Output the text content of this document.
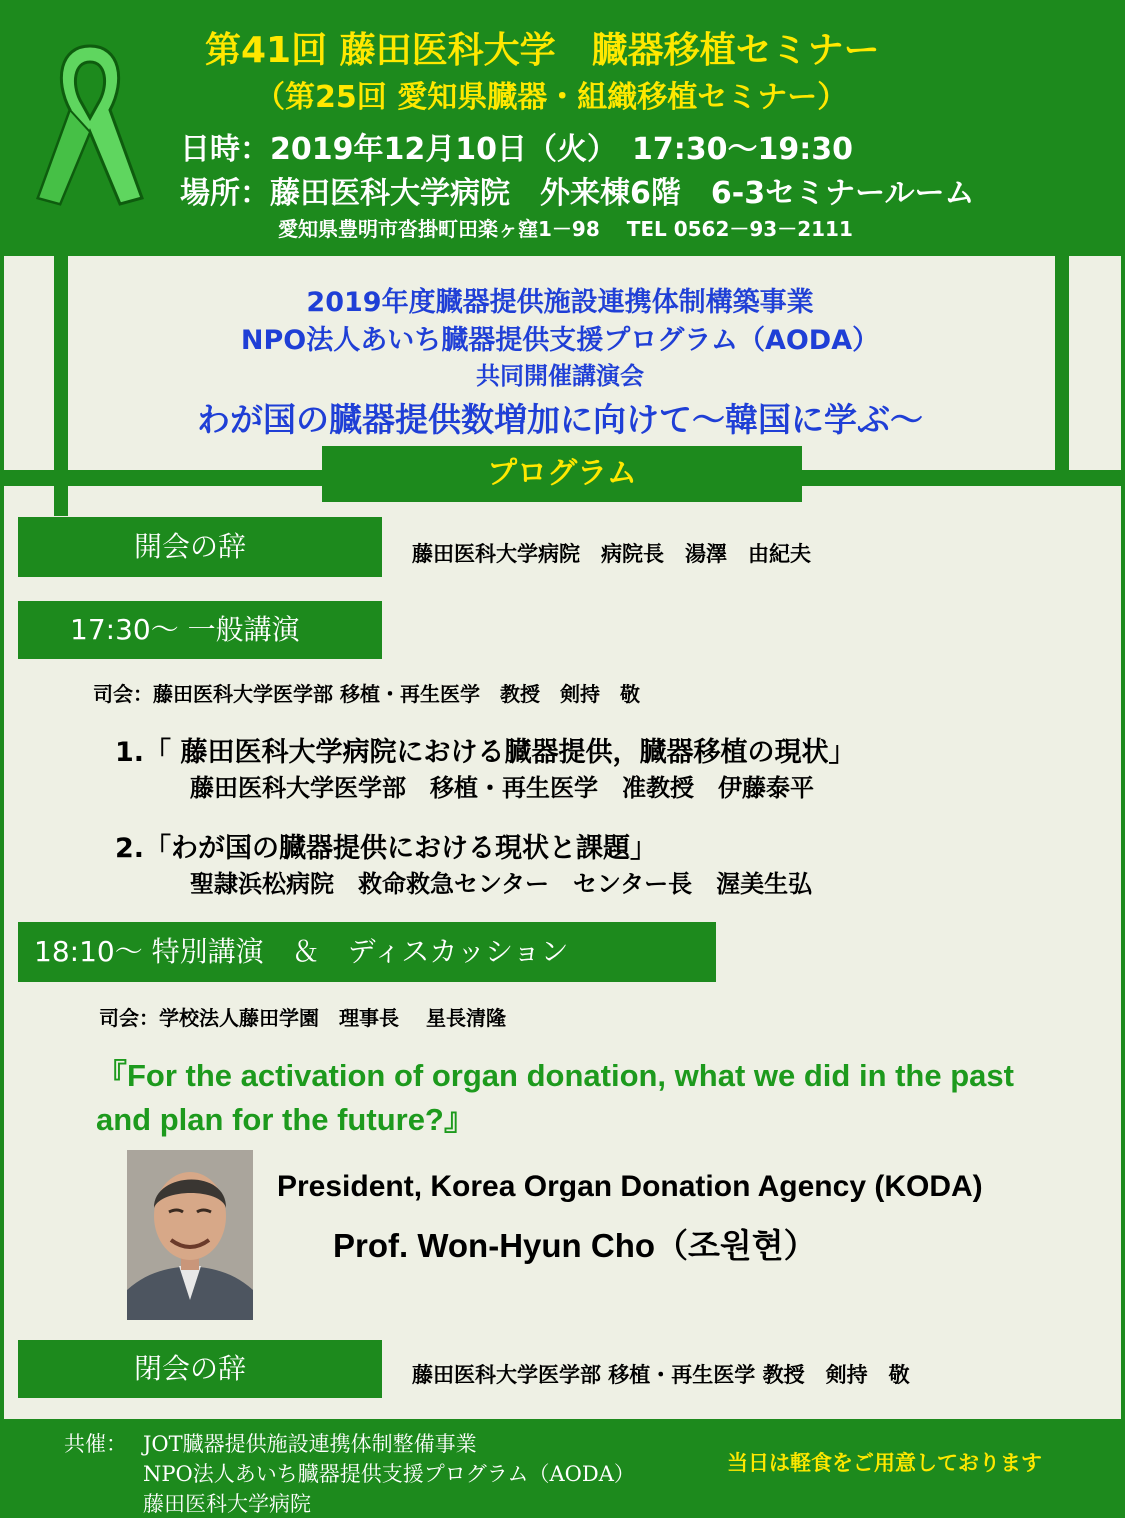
第41回 藤田医科大学　臓器移植セミナー
（第25回 愛知県臓器・組織移植セミナー）
日時：2019年12月10日（火）　17:30〜19:30
場所：藤田医科大学病院　外来棟6階　6-3セミナールーム
愛知県豊明市沓掛町田楽ヶ窪1－98　 TEL 0562－93－2111
2019年度臓器提供施設連携体制構築事業
NPO法人あいち臓器提供支援プログラム（AODA）
共同開催講演会
わが国の臓器提供数増加に向けて〜韓国に学ぶ〜
プログラム
開会の辞	藤田医科大学病院　病院長　湯澤　由紀夫
17:30〜 一般講演
司会：藤田医科大学医学部 移植・再生医学　教授　剣持　敬
1.「 藤田医科大学病院における臓器提供，臓器移植の現状」
藤田医科大学医学部　移植・再生医学　准教授　伊藤泰平
2.「わが国の臓器提供における現状と課題」
聖隷浜松病院　救命救急センター　センター長　渥美生弘
18:10〜 特別講演　＆　ディスカッション
司会：学校法人藤田学園　理事長　 星長清隆
『For the activation of organ donation, what we did in the past and plan for the future?』
President, Korea Organ Donation Agency (KODA)
Prof. Won-Hyun Cho（조원현）
閉会の辞	藤田医科大学医学部 移植・再生医学 教授　剣持　敬
共催： JOT臓器提供施設連携体制整備事業
NPO法人あいち臓器提供支援プログラム（AODA）
藤田医科大学病院
当日は軽食をご用意しております
